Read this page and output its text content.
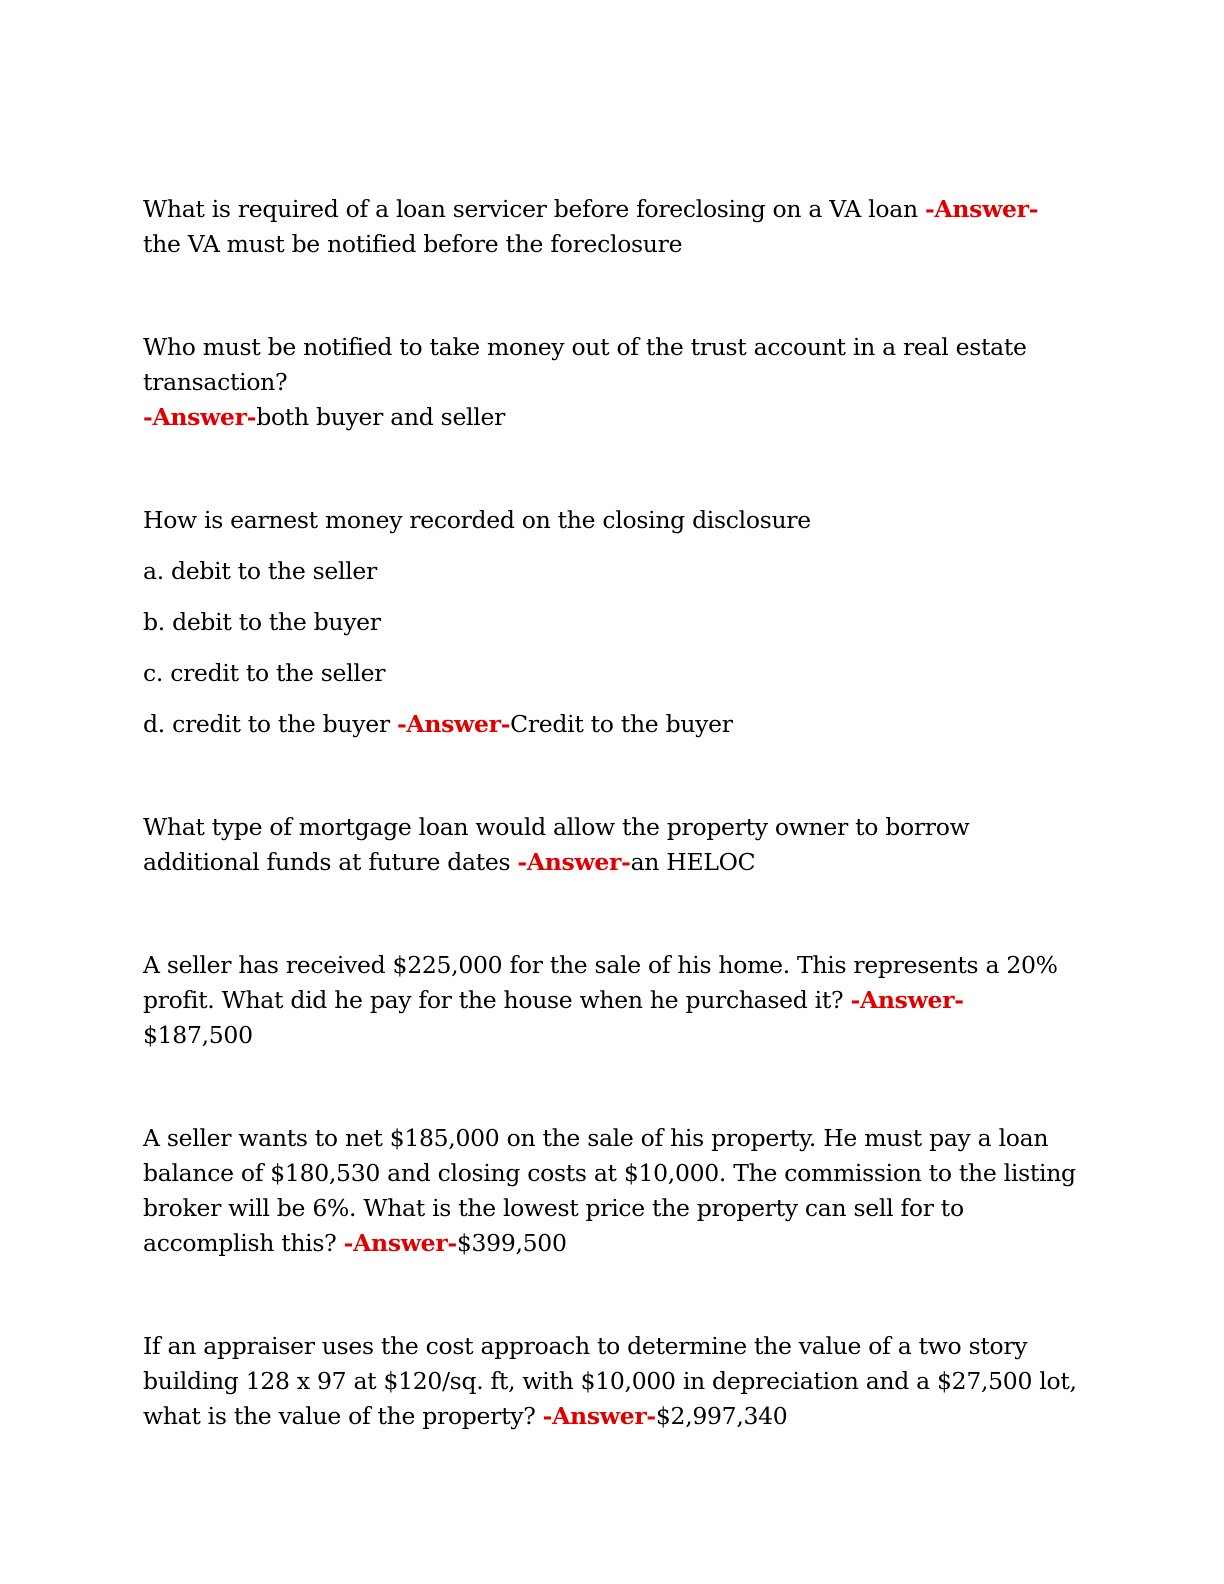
What is required of a loan servicer before foreclosing on a VA loan -Answer-
the VA must be notified before the foreclosure

Who must be notified to take money out of the trust account in a real estate transaction?
-Answer-both buyer and seller

How is earnest money recorded on the closing disclosure

a. debit to the seller

b. debit to the buyer

c. credit to the seller

d. credit to the buyer -Answer-Credit to the buyer

What type of mortgage loan would allow the property owner to borrow additional funds at future dates -Answer-an HELOC

A seller has received $225,000 for the sale of his home. This represents a 20% profit. What did he pay for the house when he purchased it? -Answer-
$187,500

A seller wants to net $185,000 on the sale of his property. He must pay a loan balance of $180,530 and closing costs at $10,000. The commission to the listing broker will be 6%. What is the lowest price the property can sell for to accomplish this? -Answer-$399,500

If an appraiser uses the cost approach to determine the value of a two story building 128 x 97 at $120/sq. ft, with $10,000 in depreciation and a $27,500 lot, what is the value of the property? -Answer-$2,997,340
